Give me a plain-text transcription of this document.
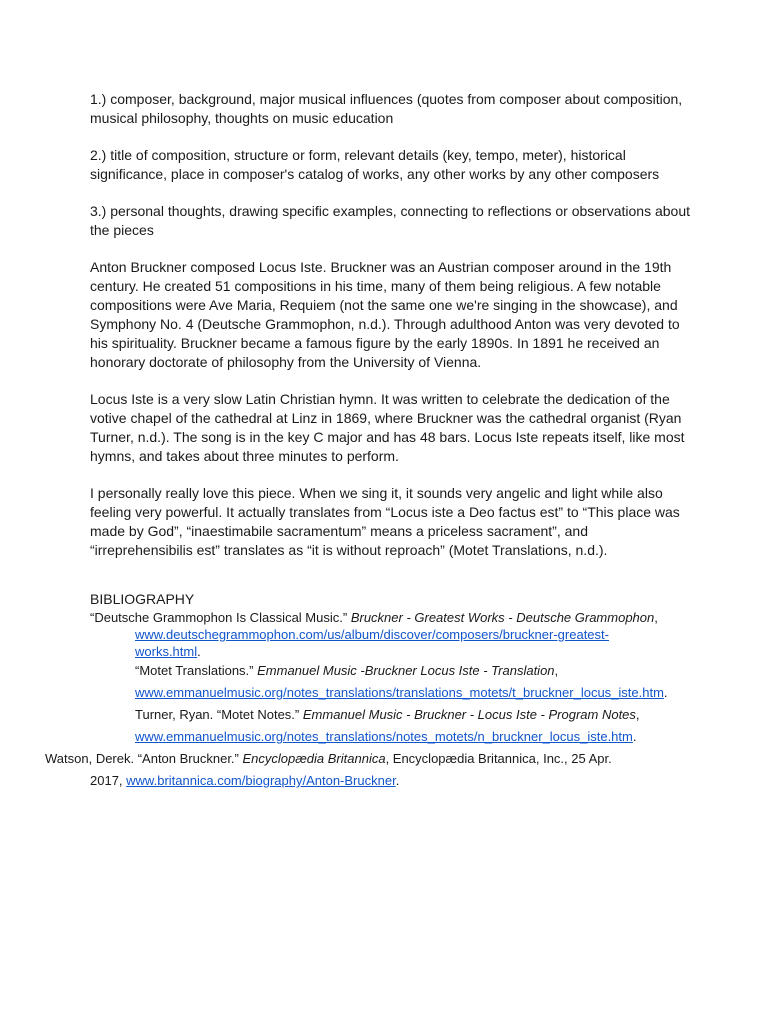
1.) composer, background, major musical influences (quotes from composer about composition, musical philosophy, thoughts on music education

2.) title of composition, structure or form, relevant details (key, tempo, meter), historical significance, place in composer's catalog of works, any other works by any other composers

3.) personal thoughts, drawing specific examples, connecting to reflections or observations about the pieces

Anton Bruckner composed Locus Iste. Bruckner was an Austrian composer around in the 19th century. He created 51 compositions in his time, many of them being religious. A few notable compositions were Ave Maria, Requiem (not the same one we're singing in the showcase), and Symphony No. 4 (Deutsche Grammophon, n.d.). Through adulthood Anton was very devoted to his spirituality. Bruckner became a famous figure by the early 1890s. In 1891 he received an honorary doctorate of philosophy from the University of Vienna.

Locus Iste is a very slow Latin Christian hymn. It was written to celebrate the dedication of the votive chapel of the cathedral at Linz in 1869, where Bruckner was the cathedral organist (Ryan Turner, n.d.). The song is in the key C major and has 48 bars. Locus Iste repeats itself, like most hymns, and takes about three minutes to perform.

I personally really love this piece. When we sing it, it sounds very angelic and light while also feeling very powerful. It actually translates from “Locus iste a Deo factus est” to “This place was made by God”, “inaestimabile sacramentum” means a priceless sacrament”, and “irreprehensibilis est” translates as “it is without reproach” (Motet Translations, n.d.).

BIBLIOGRAPHY

“Deutsche Grammophon Is Classical Music.” Bruckner - Greatest Works - Deutsche Grammophon,
www.deutschegrammophon.com/us/album/discover/composers/bruckner-greatest-
works.html.
“Motet Translations.” Emmanuel Music -Bruckner Locus Iste - Translation,
www.emmanuelmusic.org/notes_translations/translations_motets/t_bruckner_locus_iste.htm.
Turner, Ryan. “Motet Notes.” Emmanuel Music - Bruckner - Locus Iste - Program Notes,
www.emmanuelmusic.org/notes_translations/notes_motets/n_bruckner_locus_iste.htm.
Watson, Derek. “Anton Bruckner.” Encyclopædia Britannica, Encyclopædia Britannica, Inc., 25 Apr.
2017, www.britannica.com/biography/Anton-Bruckner.
